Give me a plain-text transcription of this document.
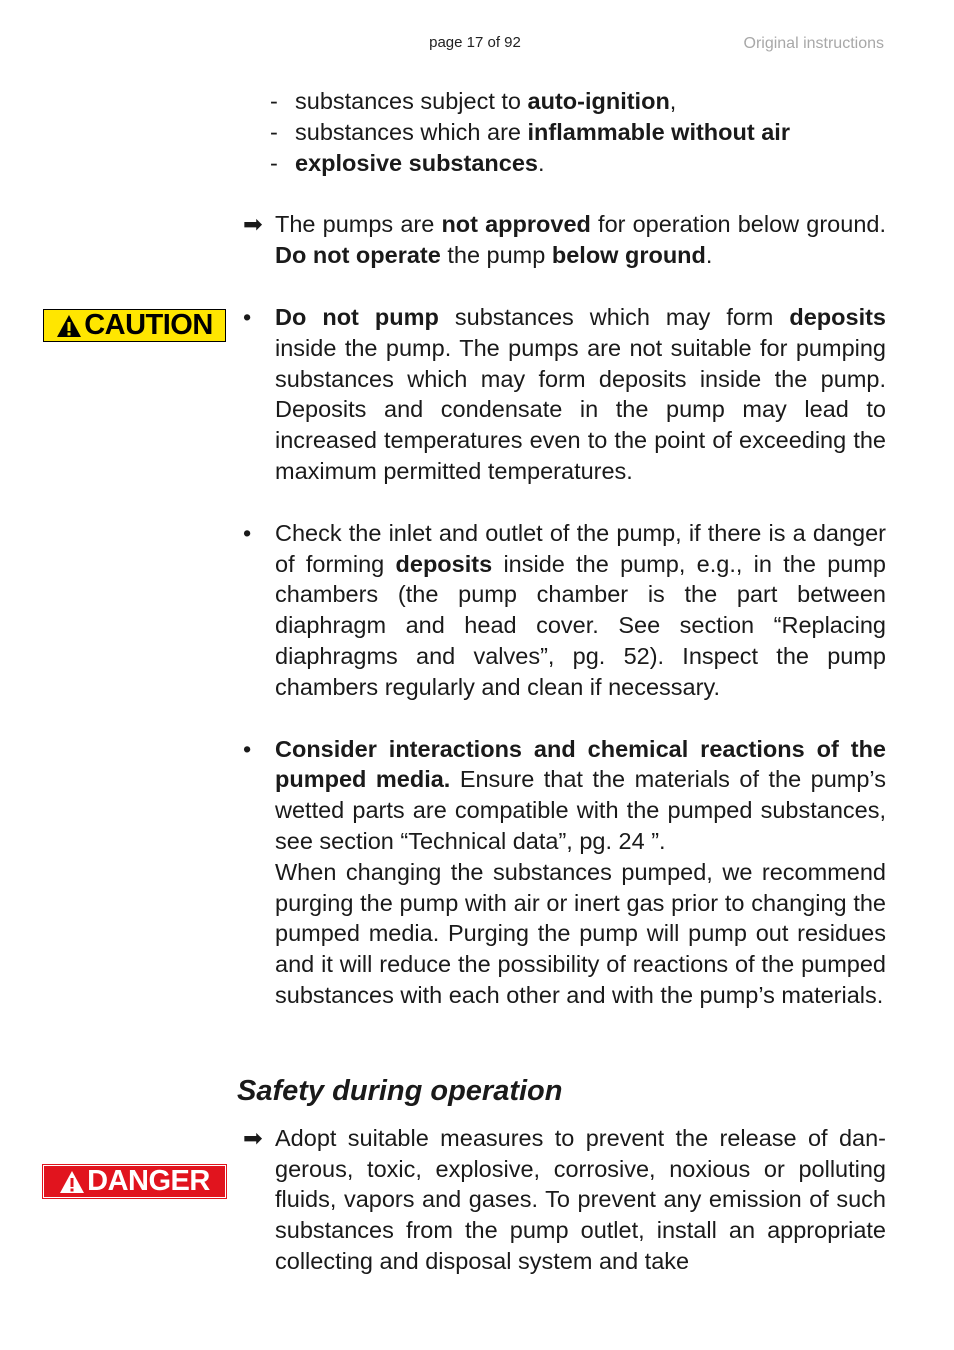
page 17 of 92	Original instructions
CAUTION
DANGER
- substances subject to auto-ignition,
- substances which are inflammable without air
- explosive substances.
➡ The pumps are not approved for operation below ground. Do not operate the pump below ground.
•	Do not pump substances which may form deposits inside the pump. The pumps are not suitable for pumping substances which may form deposits inside the pump. Deposits and condensate in the pump may lead to increased temperatures even to the point of exceeding the maximum permitted temperatures.
•	Check the inlet and outlet of the pump, if there is a danger of forming deposits inside the pump, e.g., in the pump chambers (the pump chamber is the part between diaphragm and head cover. See section “Replacing diaphragms and valves”, pg. 52). Inspect the pump chambers regularly and clean if necessary.
•	Consider interactions and chemical reactions of the pumped media. Ensure that the materials of the pump’s wetted parts are compatible with the pumped substances, see section “Technical data”, pg. 24 ”.
When changing the substances pumped, we recommend purging the pump with air or inert gas prior to changing the pumped media. Purging the pump will pump out residues and it will reduce the possibility of reactions of the pumped substances with each other and with the pump’s materials.
Safety during operation
➡ Adopt suitable measures to prevent the release of dangerous, toxic, explosive, corrosive, noxious or polluting fluids, vapors and gases. To prevent any emission of such substances from the pump outlet, install an appropriate collecting and disposal system and take
